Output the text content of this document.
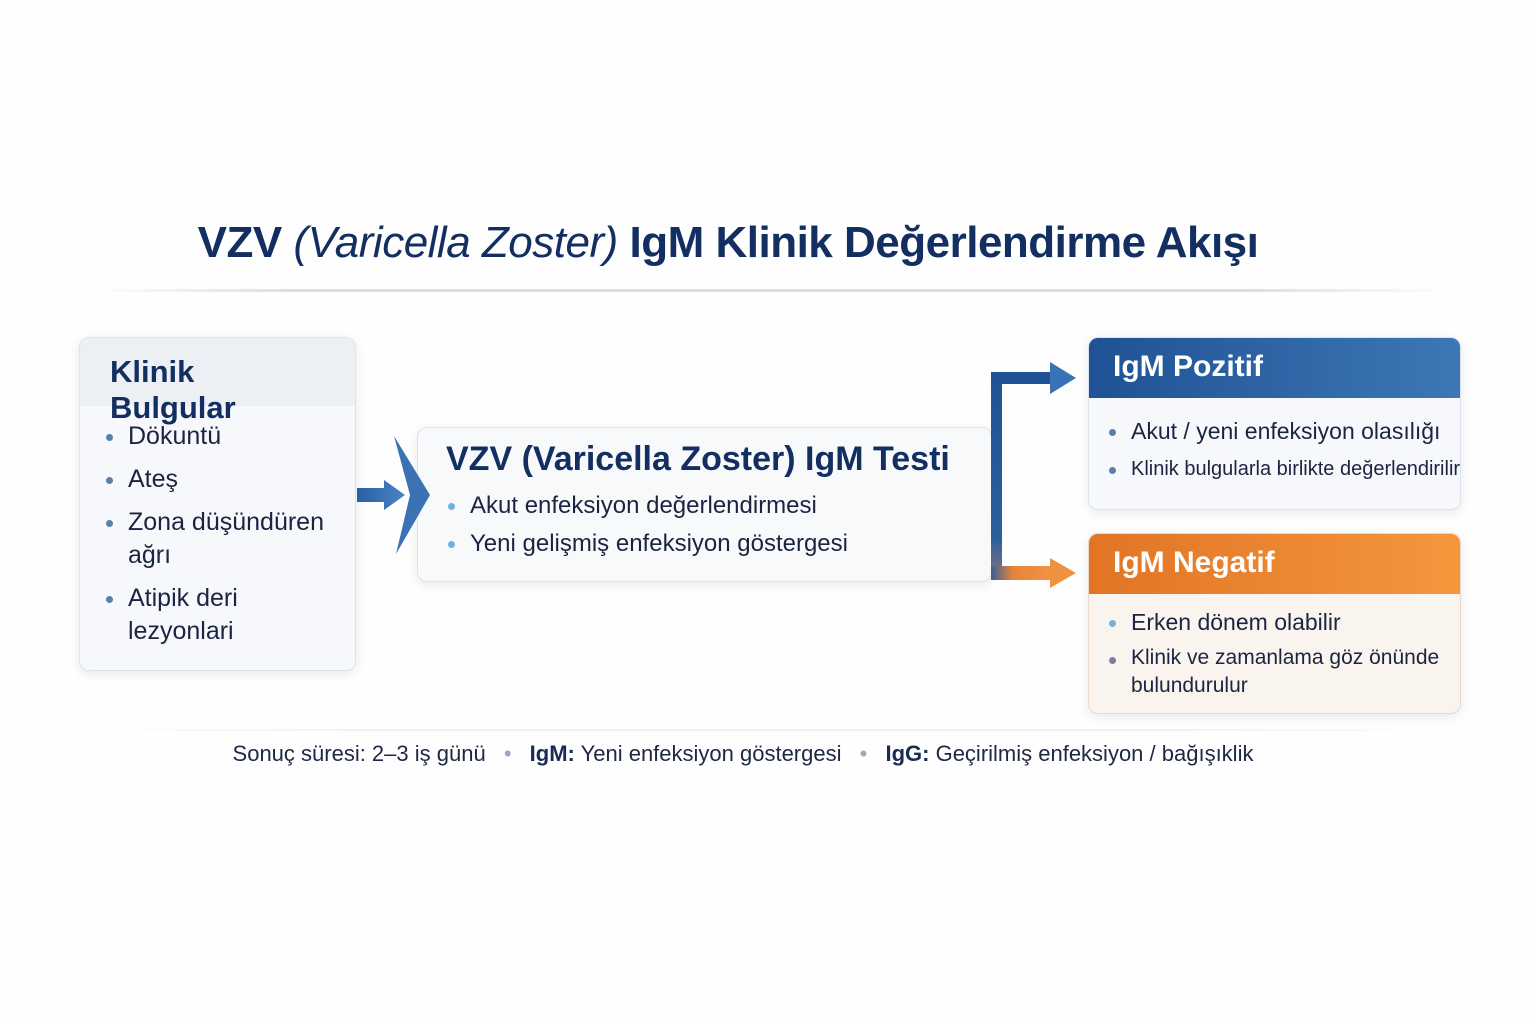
VZV (Varicella Zoster) IgM Klinik Değerlendirme Akışı
Klinik Bulgular
Dökuntü
Ateş
Zona düşündüren ağrı
Atipik deri lezyonlari
VZV (Varicella Zoster) IgM Testi
Akut enfeksiyon değerlendirmesi
Yeni gelişmiş enfeksiyon göstergesi
IgM Pozitif
Akut / yeni enfeksiyon olasılığı
Klinik bulgularla birlikte değerlendirilir
IgM Negatif
Erken dönem olabilir
Klinik ve zamanlama göz önünde bulundurulur
Sonuç süresi: 2–3 iş günü • IgM: Yeni enfeksiyon göstergesi • IgG: Geçirilmiş enfeksiyon / bağışıklik
